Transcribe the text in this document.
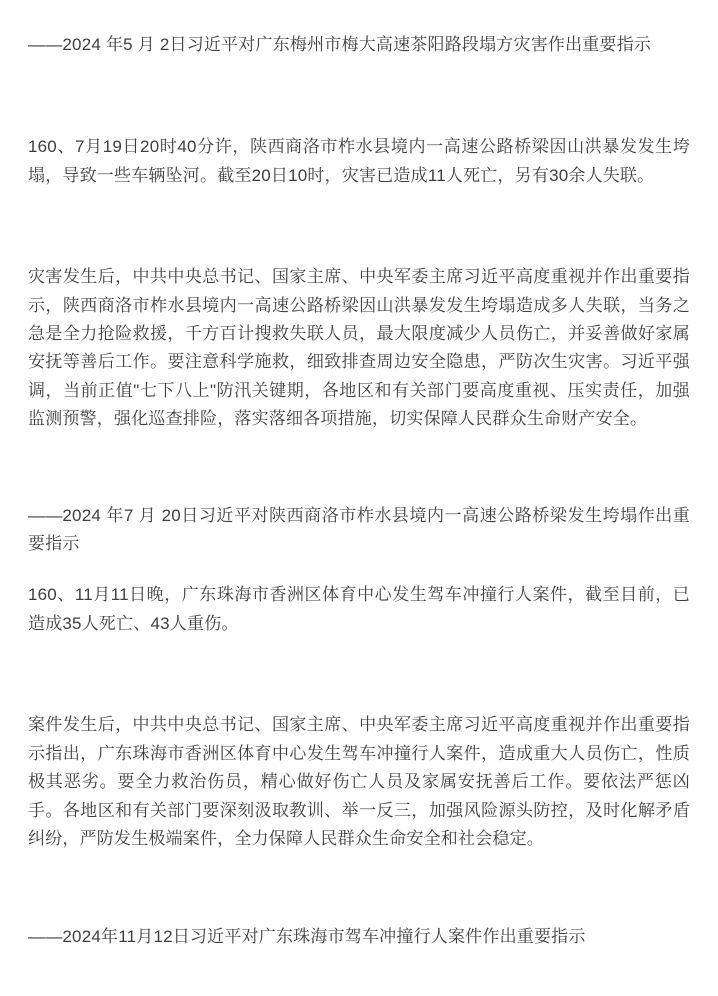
——2024 年5 月 2日习近平对广东梅州市梅大高速茶阳路段塌方灾害作出重要指示

160、7月19日20时40分许，陕西商洛市柞水县境内一高速公路桥梁因山洪暴发发生垮塌，导致一些车辆坠河。截至20日10时，灾害已造成11人死亡，另有30余人失联。

灾害发生后，中共中央总书记、国家主席、中央军委主席习近平高度重视并作出重要指示，陕西商洛市柞水县境内一高速公路桥梁因山洪暴发发生垮塌造成多人失联，当务之急是全力抢险救援，千方百计搜救失联人员，最大限度减少人员伤亡，并妥善做好家属安抚等善后工作。要注意科学施救，细致排查周边安全隐患，严防次生灾害。习近平强调，当前正值"七下八上"防汛关键期，各地区和有关部门要高度重视、压实责任，加强监测预警，强化巡查排险，落实落细各项措施，切实保障人民群众生命财产安全。

——2024 年7 月 20日习近平对陕西商洛市柞水县境内一高速公路桥梁发生垮塌作出重要指示

160、11月11日晚，广东珠海市香洲区体育中心发生驾车冲撞行人案件，截至目前，已造成35人死亡、43人重伤。

案件发生后，中共中央总书记、国家主席、中央军委主席习近平高度重视并作出重要指示指出，广东珠海市香洲区体育中心发生驾车冲撞行人案件，造成重大人员伤亡，性质极其恶劣。要全力救治伤员，精心做好伤亡人员及家属安抚善后工作。要依法严惩凶手。各地区和有关部门要深刻汲取教训、举一反三，加强风险源头防控，及时化解矛盾纠纷，严防发生极端案件，全力保障人民群众生命安全和社会稳定。

——2024年11月12日习近平对广东珠海市驾车冲撞行人案件作出重要指示
